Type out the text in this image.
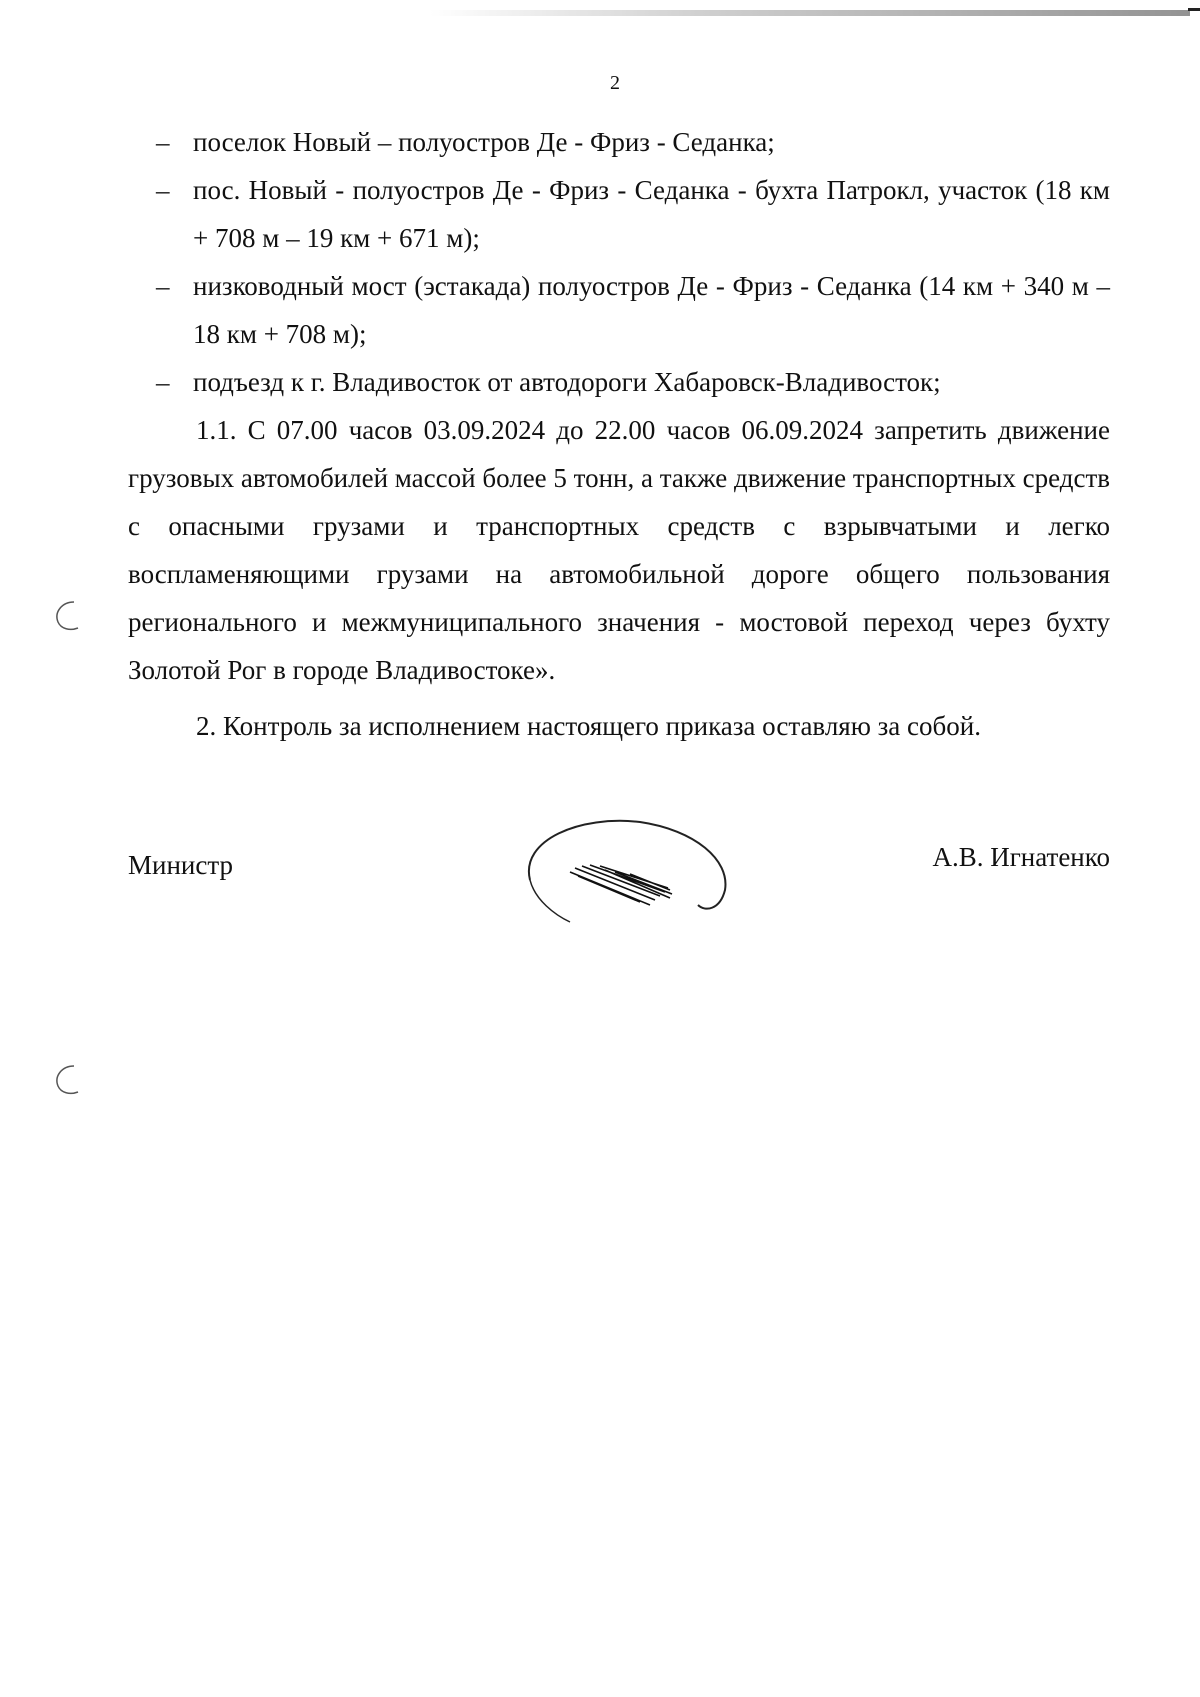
2
– поселок Новый – полуостров Де - Фриз - Седанка;
– пос. Новый - полуостров Де - Фриз - Седанка - бухта Патрокл, участок (18 км + 708 м – 19 км + 671 м);
– низководный мост (эстакада) полуостров Де - Фриз - Седанка (14 км + 340 м – 18 км + 708 м);
– подъезд к г. Владивосток от автодороги Хабаровск-Владивосток;
1.1. С 07.00 часов 03.09.2024 до 22.00 часов 06.09.2024 запретить движение грузовых автомобилей массой более 5 тонн, а также движение транспортных средств с опасными грузами и транспортных средств с взрывчатыми и легко воспламеняющими грузами на автомобильной дороге общего пользования регионального и межмуниципального значения - мостовой переход через бухту Золотой Рог в городе Владивостоке».
2. Контроль за исполнением настоящего приказа оставляю за собой.
Министр	А.В. Игнатенко
